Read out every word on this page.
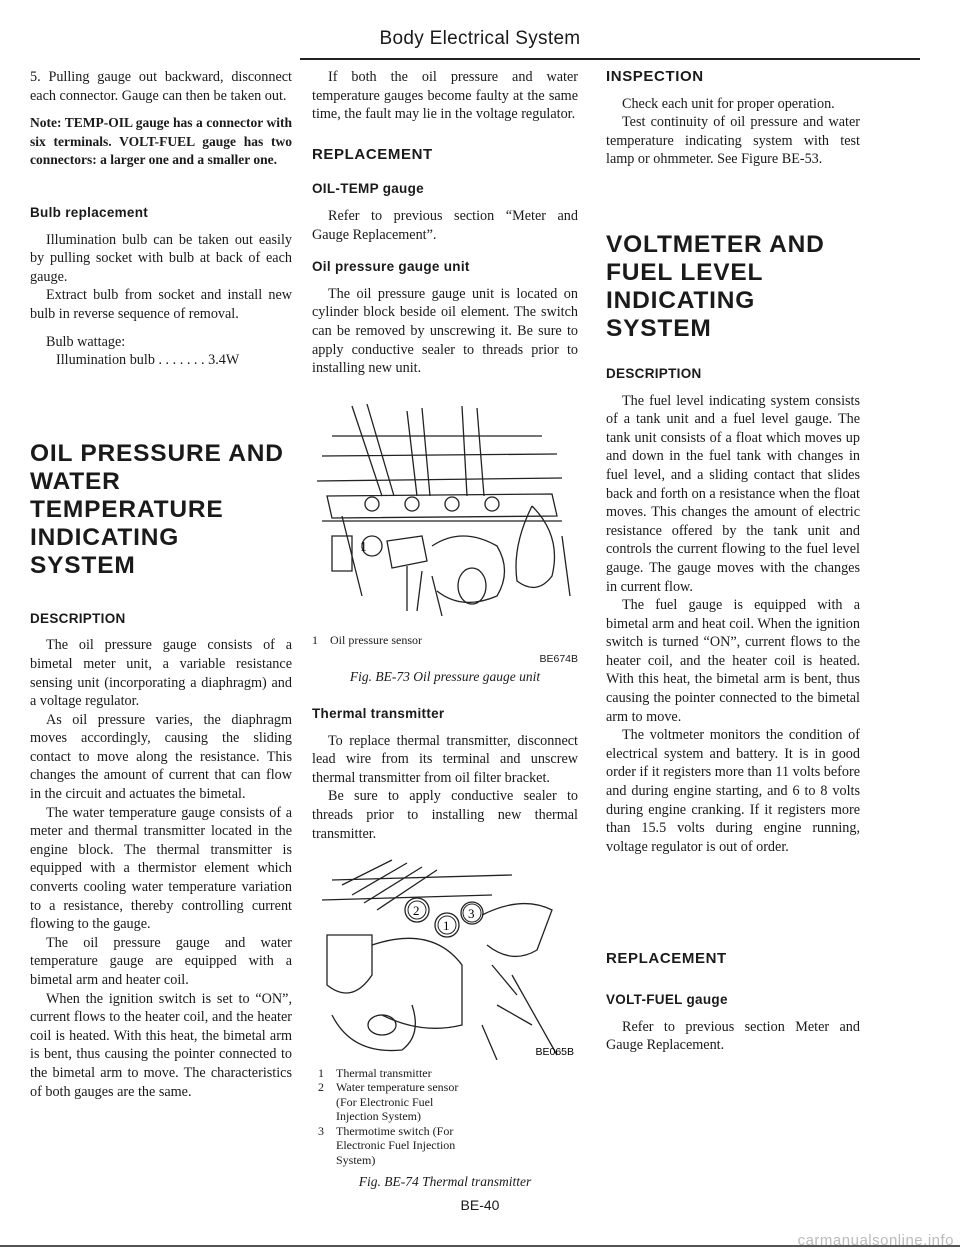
Body Electrical System

5. Pulling gauge out backward, disconnect each connector. Gauge can then be taken out.

Note: TEMP-OIL gauge has a connector with six terminals. VOLT-FUEL gauge has two connectors: a larger one and a smaller one.

Bulb replacement

Illumination bulb can be taken out easily by pulling socket with bulb at back of each gauge.

Extract bulb from socket and install new bulb in reverse sequence of removal.

Bulb wattage:
Illumination bulb . . . . . . . 3.4W
OIL PRESSURE AND WATER TEMPERATURE INDICATING SYSTEM
DESCRIPTION

The oil pressure gauge consists of a bimetal meter unit, a variable resistance sensing unit (incorporating a diaphragm) and a voltage regulator.

As oil pressure varies, the diaphragm moves accordingly, causing the sliding contact to move along the resistance. This changes the amount of current that can flow in the circuit and actuates the bimetal.

The water temperature gauge consists of a meter and thermal transmitter located in the engine block. The thermal transmitter is equipped with a thermistor element which converts cooling water temperature variation to a resistance, thereby controlling current flowing to the gauge.

The oil pressure gauge and water temperature gauge are equipped with a bimetal arm and heater coil.

When the ignition switch is set to “ON”, current flows to the heater coil, and the heater coil is heated. With this heat, the bimetal arm is bent, thus causing the pointer connected to the bimetal arm to move. The characteristics of both gauges are the same.

If both the oil pressure and water temperature gauges become faulty at the same time, the fault may lie in the voltage regulator.

REPLACEMENT
OIL-TEMP gauge

Refer to previous section “Meter and Gauge Replacement”.

Oil pressure gauge unit

The oil pressure gauge unit is located on cylinder block beside oil element. The switch can be removed by unscrewing it. Be sure to apply conductive sealer to threads prior to installing new unit.

1
1	Oil pressure sensor
BE674B
Fig. BE-73 Oil pressure gauge unit
Thermal transmitter

To replace thermal transmitter, disconnect lead wire from its terminal and unscrew thermal transmitter from oil filter bracket.

Be sure to apply conductive sealer to threads prior to installing new thermal transmitter.

2
1
3
BE065B
1	Thermal transmitter
2	Water temperature sensor (For Electronic Fuel Injection System)
3	Thermotime switch (For Electronic Fuel Injection System)
Fig. BE-74 Thermal transmitter
INSPECTION

Check each unit for proper operation.

Test continuity of oil pressure and water temperature indicating system with test lamp or ohmmeter. See Figure BE-53.

VOLTMETER AND FUEL LEVEL INDICATING SYSTEM
DESCRIPTION

The fuel level indicating system consists of a tank unit and a fuel level gauge. The tank unit consists of a float which moves up and down in the fuel tank with changes in fuel level, and a sliding contact that slides back and forth on a resistance when the float moves. This changes the amount of electric resistance offered by the tank unit and controls the current flowing to the fuel level gauge. The gauge moves with the changes in current flow.

The fuel gauge is equipped with a bimetal arm and heat coil. When the ignition switch is turned “ON”, current flows to the heater coil, and the heater coil is heated. With this heat, the bimetal arm is bent, thus causing the pointer connected to the bimetal arm to move.

The voltmeter monitors the condition of electrical system and battery. It is in good order if it registers more than 11 volts before and during engine starting, and 6 to 8 volts during engine cranking. If it registers more than 15.5 volts during engine running, voltage regulator is out of order.

REPLACEMENT
VOLT-FUEL gauge

Refer to previous section Meter and Gauge Replacement.

BE-40
carmanualsonline.info
